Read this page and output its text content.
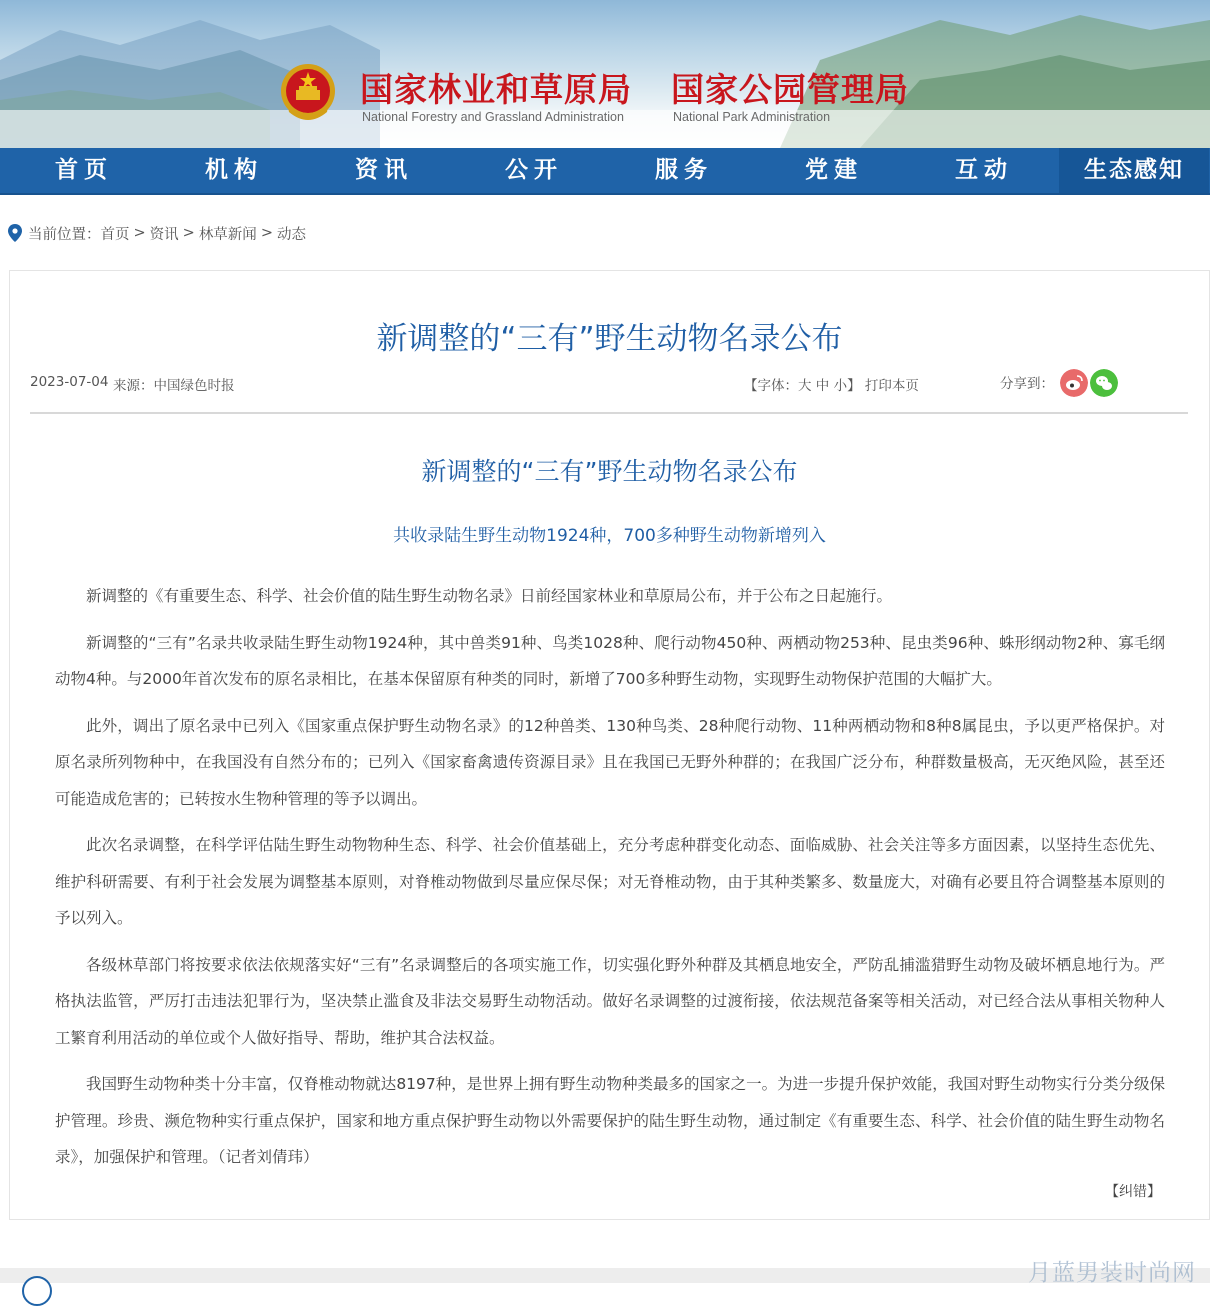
国家林业和草原局 国家公园管理局
National Forestry and Grassland Administration	National Park Administration
首页	机构	资讯	公开	服务	党建	互动	生态感知
当前位置： 首页 > 资讯 > 林草新闻 > 动态
新调整的“三有”野生动物名录公布
2023-07-04 来源：中国绿色时报	【字体：大 中 小】 打印本页	分享到：
新调整的“三有”野生动物名录公布
共收录陆生野生动物1924种，700多种野生动物新增列入

新调整的《有重要生态、科学、社会价值的陆生野生动物名录》日前经国家林业和草原局公布，并于公布之日起施行。

新调整的“三有”名录共收录陆生野生动物1924种，其中兽类91种、鸟类1028种、爬行动物450种、两栖动物253种、昆虫类96种、蛛形纲动物2种、寡毛纲动物4种。与2000年首次发布的原名录相比，在基本保留原有种类的同时，新增了700多种野生动物，实现野生动物保护范围的大幅扩大。

此外，调出了原名录中已列入《国家重点保护野生动物名录》的12种兽类、130种鸟类、28种爬行动物、11种两栖动物和8种8属昆虫，予以更严格保护。对原名录所列物种中，在我国没有自然分布的；已列入《国家畜禽遗传资源目录》且在我国已无野外种群的；在我国广泛分布，种群数量极高，无灭绝风险，甚至还可能造成危害的；已转按水生物种管理的等予以调出。

此次名录调整，在科学评估陆生野生动物物种生态、科学、社会价值基础上，充分考虑种群变化动态、面临威胁、社会关注等多方面因素，以坚持生态优先、维护科研需要、有利于社会发展为调整基本原则，对脊椎动物做到尽量应保尽保；对无脊椎动物，由于其种类繁多、数量庞大，对确有必要且符合调整基本原则的予以列入。

各级林草部门将按要求依法依规落实好“三有”名录调整后的各项实施工作，切实强化野外种群及其栖息地安全，严防乱捕滥猎野生动物及破坏栖息地行为。严格执法监管，严厉打击违法犯罪行为，坚决禁止滥食及非法交易野生动物活动。做好名录调整的过渡衔接，依法规范备案等相关活动，对已经合法从事相关物种人工繁育利用活动的单位或个人做好指导、帮助，维护其合法权益。

我国野生动物种类十分丰富，仅脊椎动物就达8197种，是世界上拥有野生动物种类最多的国家之一。为进一步提升保护效能，我国对野生动物实行分类分级保护管理。珍贵、濒危物种实行重点保护，国家和地方重点保护野生动物以外需要保护的陆生野生动物，通过制定《有重要生态、科学、社会价值的陆生野生动物名录》，加强保护和管理。（记者刘倩玮）

【纠错】
月蓝男装时尚网
